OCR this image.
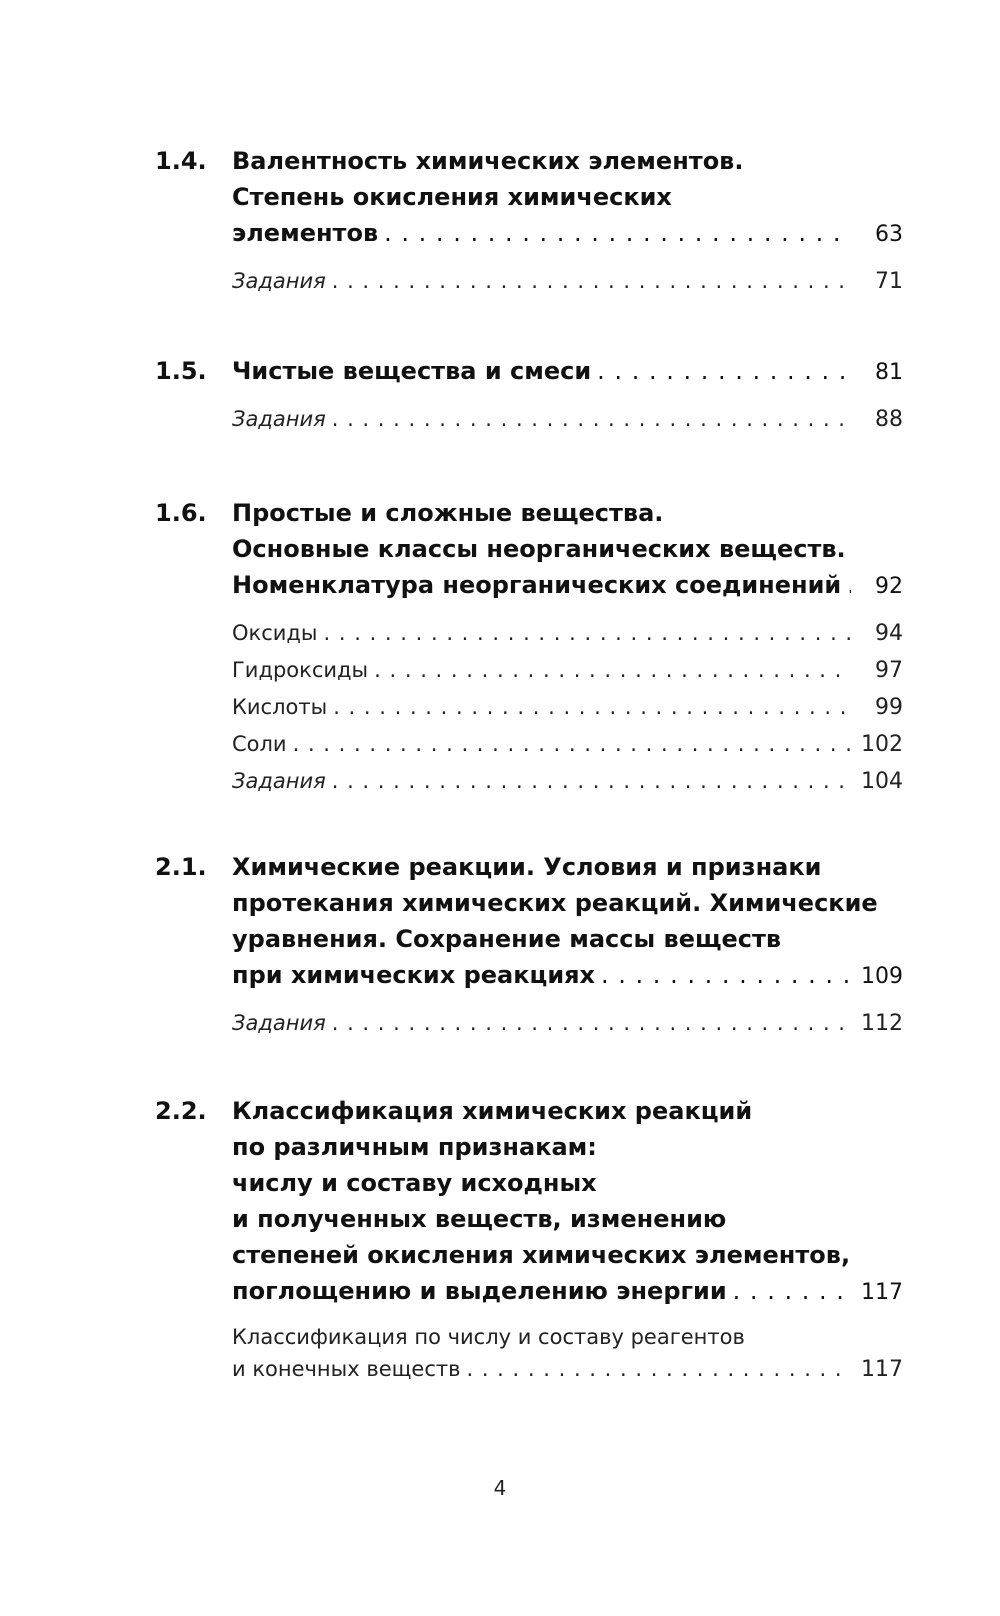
1.4. Валентность химических элементов.
Степень окисления химических
элементов . . .	63
Задания . . .	71
1.5. Чистые вещества и смеси . . .	81
Задания . . .	88
1.6. Простые и сложные вещества.
Основные классы неорганических веществ.
Номенклатура неорганических соединений . . .	92
Оксиды . . .	94
Гидроксиды . . .	97
Кислоты . . .	99
Соли . . .	102
Задания . . .	104
2.1. Химические реакции. Условия и признаки
протекания химических реакций. Химические
уравнения. Сохранение массы веществ
при химических реакциях . . .	109
Задания . . .	112
2.2. Классификация химических реакций
по различным признакам:
числу и составу исходных
и полученных веществ, изменению
степеней окисления химических элементов,
поглощению и выделению энергии . . .	117
Классификация по числу и составу реагентов
и конечных веществ . . .	117
4
